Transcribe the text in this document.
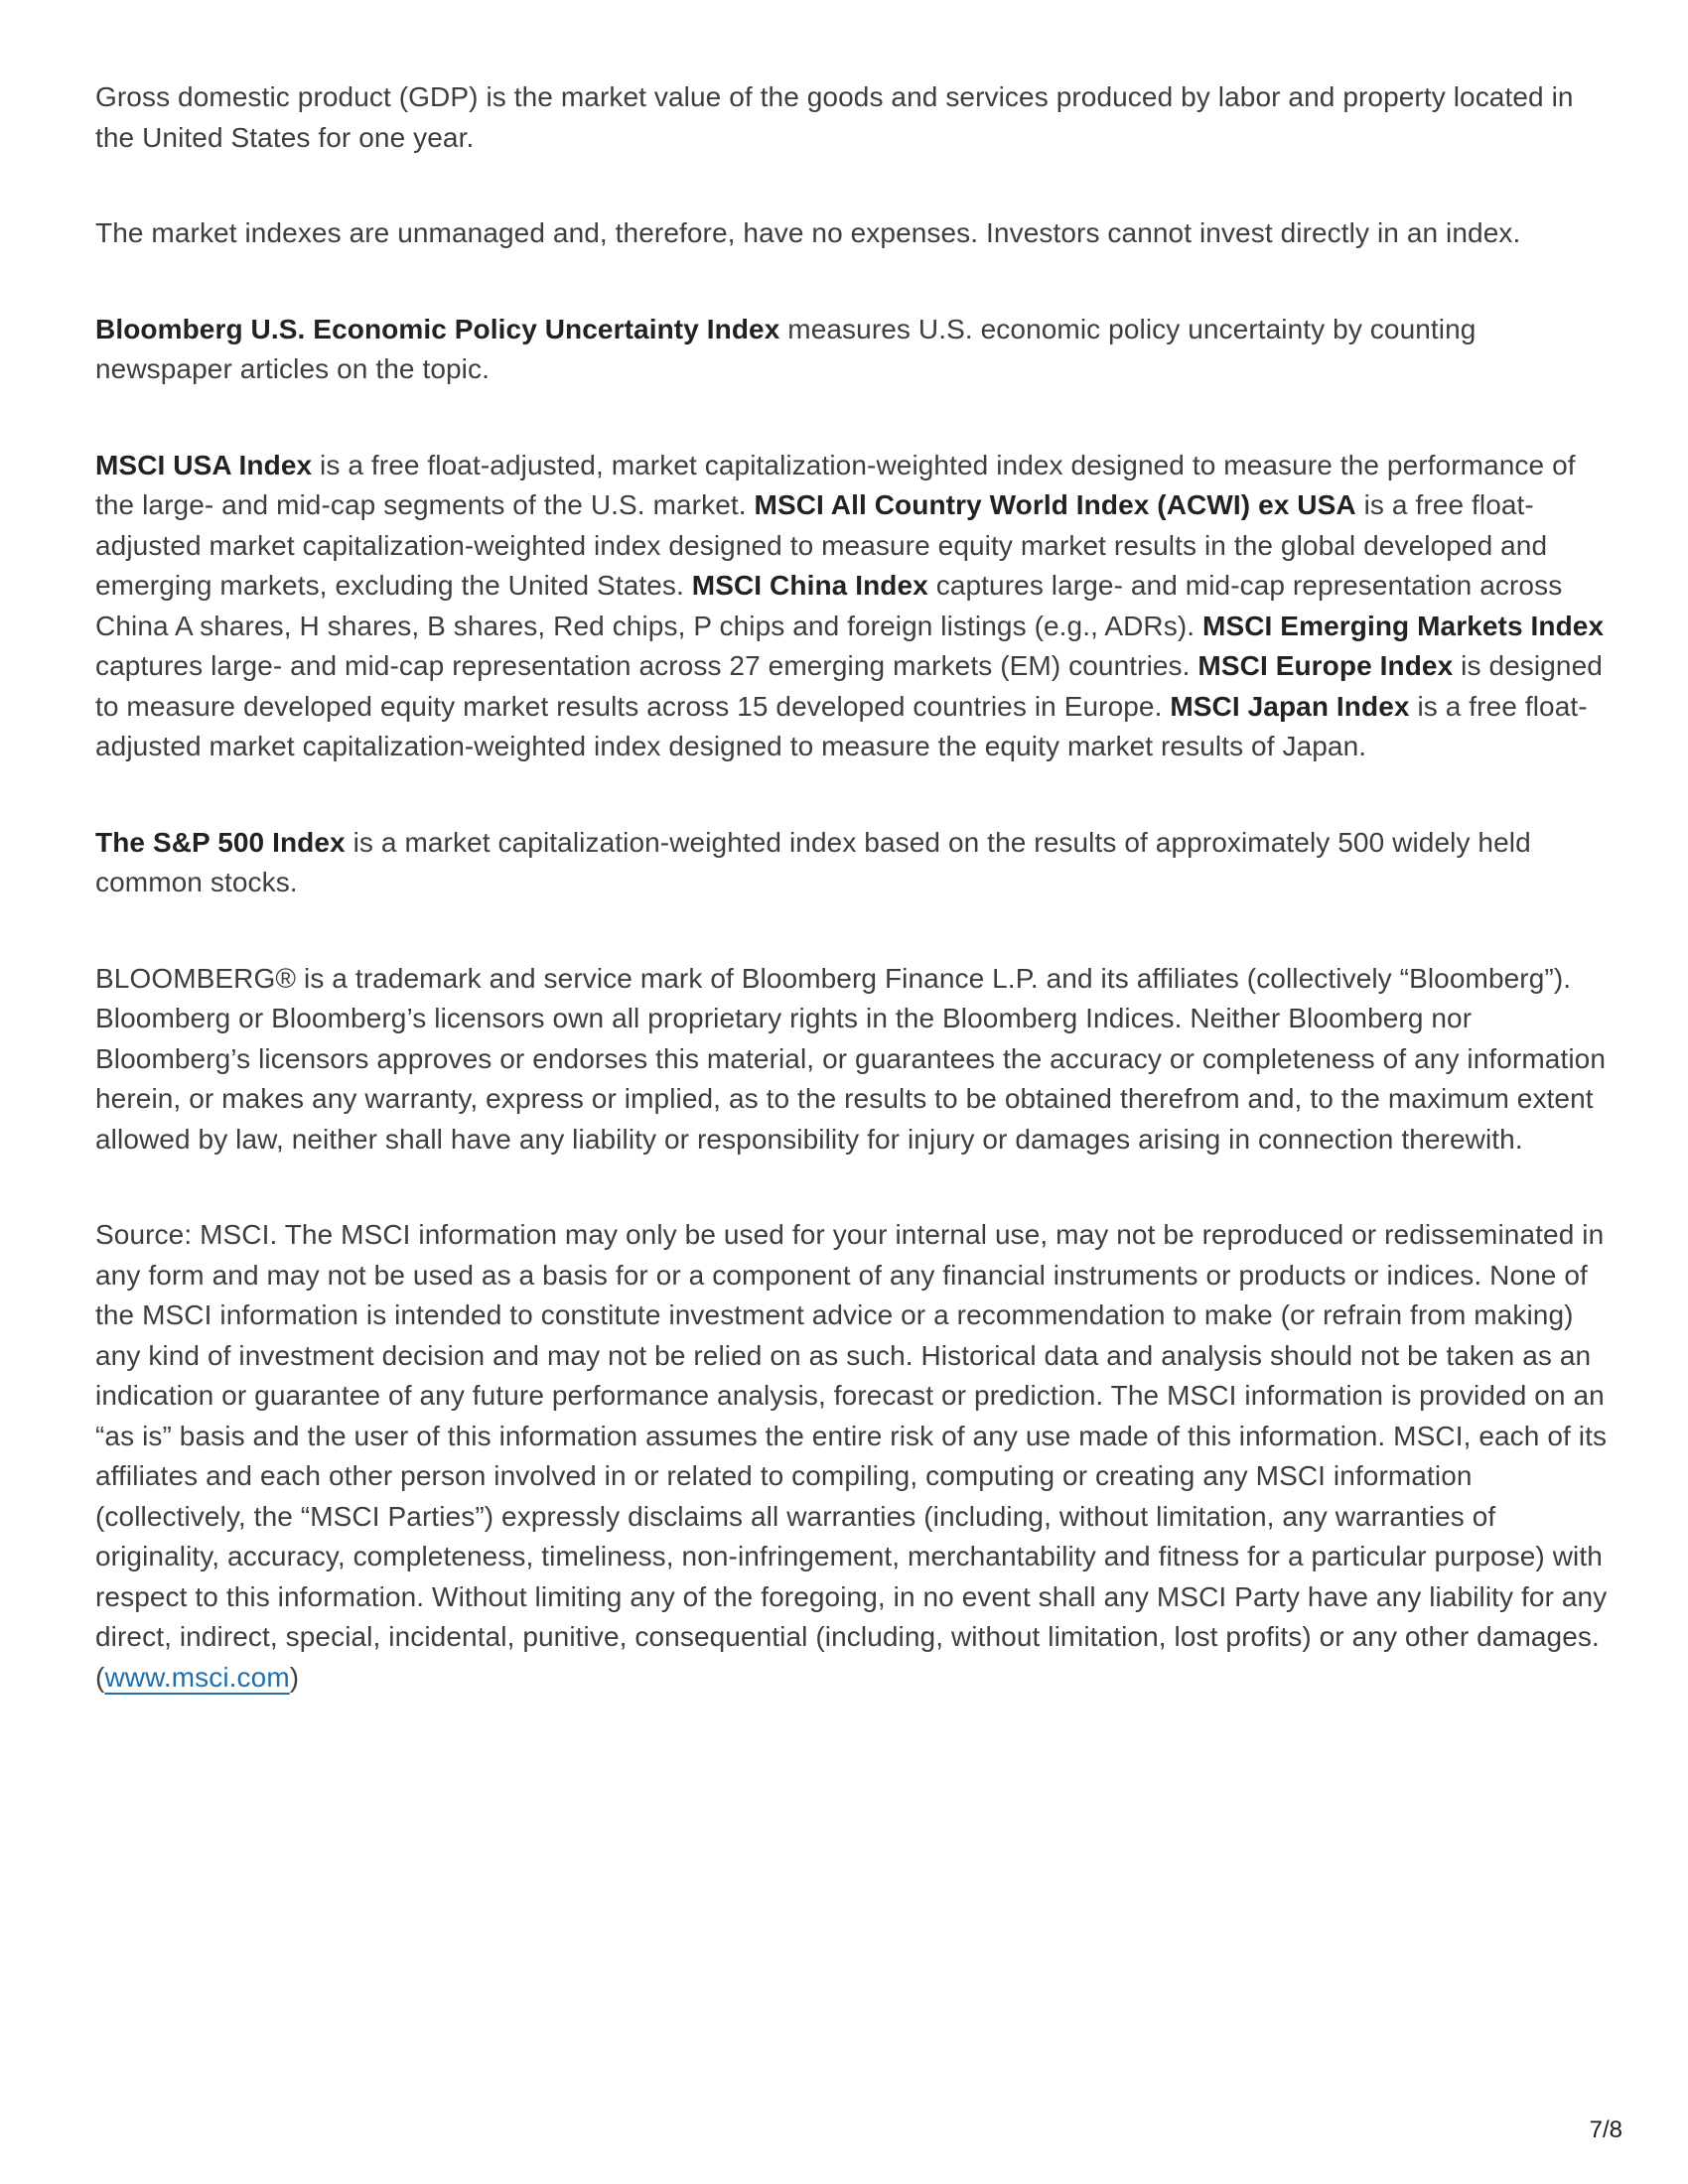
Gross domestic product (GDP) is the market value of the goods and services produced by labor and property located in the United States for one year.

The market indexes are unmanaged and, therefore, have no expenses. Investors cannot invest directly in an index.

Bloomberg U.S. Economic Policy Uncertainty Index measures U.S. economic policy uncertainty by counting newspaper articles on the topic.

MSCI USA Index is a free float-adjusted, market capitalization-weighted index designed to measure the performance of the large- and mid-cap segments of the U.S. market. MSCI All Country World Index (ACWI) ex USA is a free float-adjusted market capitalization-weighted index designed to measure equity market results in the global developed and emerging markets, excluding the United States. MSCI China Index captures large- and mid-cap representation across China A shares, H shares, B shares, Red chips, P chips and foreign listings (e.g., ADRs). MSCI Emerging Markets Index captures large- and mid-cap representation across 27 emerging markets (EM) countries. MSCI Europe Index is designed to measure developed equity market results across 15 developed countries in Europe. MSCI Japan Index is a free float-adjusted market capitalization-weighted index designed to measure the equity market results of Japan.

The S&P 500 Index is a market capitalization-weighted index based on the results of approximately 500 widely held common stocks.

BLOOMBERG® is a trademark and service mark of Bloomberg Finance L.P. and its affiliates (collectively “Bloomberg”). Bloomberg or Bloomberg’s licensors own all proprietary rights in the Bloomberg Indices. Neither Bloomberg nor Bloomberg’s licensors approves or endorses this material, or guarantees the accuracy or completeness of any information herein, or makes any warranty, express or implied, as to the results to be obtained therefrom and, to the maximum extent allowed by law, neither shall have any liability or responsibility for injury or damages arising in connection therewith.

Source: MSCI. The MSCI information may only be used for your internal use, may not be reproduced or redisseminated in any form and may not be used as a basis for or a component of any financial instruments or products or indices. None of the MSCI information is intended to constitute investment advice or a recommendation to make (or refrain from making) any kind of investment decision and may not be relied on as such. Historical data and analysis should not be taken as an indication or guarantee of any future performance analysis, forecast or prediction. The MSCI information is provided on an “as is” basis and the user of this information assumes the entire risk of any use made of this information. MSCI, each of its affiliates and each other person involved in or related to compiling, computing or creating any MSCI information (collectively, the “MSCI Parties”) expressly disclaims all warranties (including, without limitation, any warranties of originality, accuracy, completeness, timeliness, non-infringement, merchantability and fitness for a particular purpose) with respect to this information. Without limiting any of the foregoing, in no event shall any MSCI Party have any liability for any direct, indirect, special, incidental, punitive, consequential (including, without limitation, lost profits) or any other damages. (www.msci.com)

7/8
